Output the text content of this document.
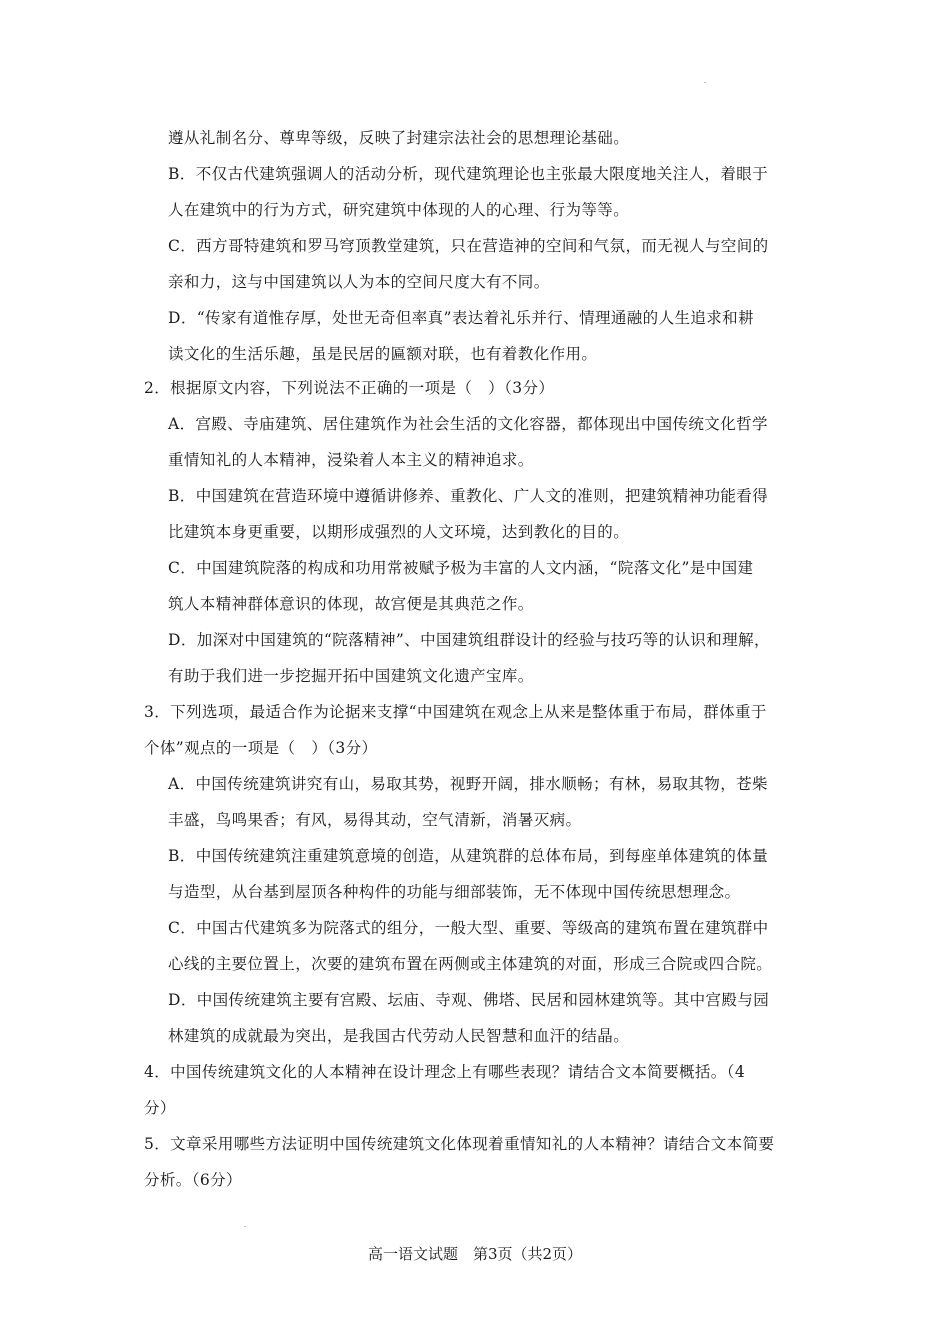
遵从礼制名分、尊卑等级，反映了封建宗法社会的思想理论基础。
B．不仅古代建筑强调人的活动分析，现代建筑理论也主张最大限度地关注人，着眼于
人在建筑中的行为方式，研究建筑中体现的人的心理、行为等等。
C．西方哥特建筑和罗马穹顶教堂建筑，只在营造神的空间和气氛，而无视人与空间的
亲和力，这与中国建筑以人为本的空间尺度大有不同。
D．“传家有道惟存厚，处世无奇但率真”表达着礼乐并行、情理通融的人生追求和耕
读文化的生活乐趣，虽是民居的匾额对联，也有着教化作用。
2．根据原文内容，下列说法不正确的一项是（　）（3分）
A．宫殿、寺庙建筑、居住建筑作为社会生活的文化容器，都体现出中国传统文化哲学
重情知礼的人本精神，浸染着人本主义的精神追求。
B．中国建筑在营造环境中遵循讲修养、重教化、广人文的准则，把建筑精神功能看得
比建筑本身更重要，以期形成强烈的人文环境，达到教化的目的。
C．中国建筑院落的构成和功用常被赋予极为丰富的人文内涵，“院落文化”是中国建
筑人本精神群体意识的体现，故宫便是其典范之作。
D．加深对中国建筑的“院落精神”、中国建筑组群设计的经验与技巧等的认识和理解，
有助于我们进一步挖掘开拓中国建筑文化遗产宝库。
3．下列选项，最适合作为论据来支撑“中国建筑在观念上从来是整体重于布局，群体重于
个体”观点的一项是（　）（3分）
A．中国传统建筑讲究有山，易取其势，视野开阔，排水顺畅；有林，易取其物，苍柴
丰盛，鸟鸣果香；有风，易得其动，空气清新，消暑灭病。
B．中国传统建筑注重建筑意境的创造，从建筑群的总体布局，到每座单体建筑的体量
与造型，从台基到屋顶各种构件的功能与细部装饰，无不体现中国传统思想理念。
C．中国古代建筑多为院落式的组分，一般大型、重要、等级高的建筑布置在建筑群中
心线的主要位置上，次要的建筑布置在两侧或主体建筑的对面，形成三合院或四合院。
D．中国传统建筑主要有宫殿、坛庙、寺观、佛塔、民居和园林建筑等。其中宫殿与园
林建筑的成就最为突出，是我国古代劳动人民智慧和血汗的结晶。
4．中国传统建筑文化的人本精神在设计理念上有哪些表现？请结合文本简要概括。（4
分）
5．文章采用哪些方法证明中国传统建筑文化体现着重情知礼的人本精神？请结合文本简要
分析。（6分）
高一语文试题　第3页（共2页）
